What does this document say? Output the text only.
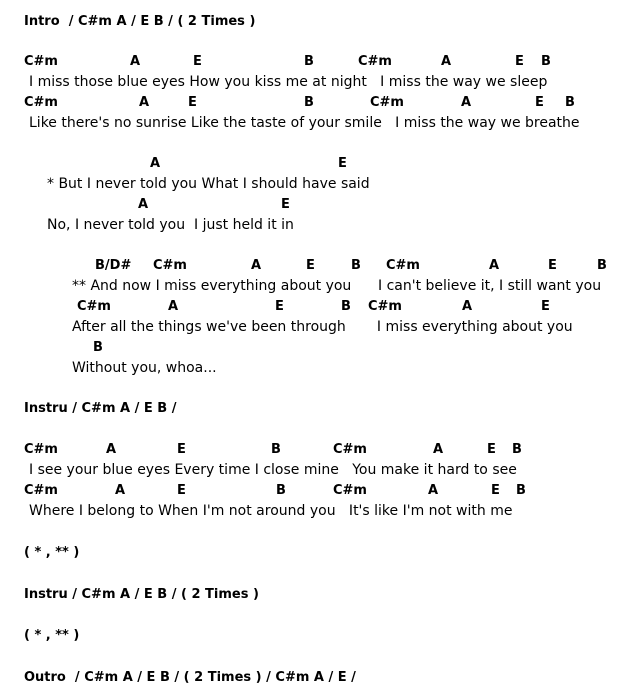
Intro  / C#m A / E B / ( 2 Times )
C#m	A	E	B	C#m	A	E B
I miss those blue eyes How you kiss me at night   I miss the way we sleep
C#m	A	E	B	C#m	A	E B
Like there's no sunrise Like the taste of your smile   I miss the way we breathe
A	E
* But I never told you What I should have said
A	E
No, I never told you  I just held it in
B/D# C#m	A	E	B C#m	A	E	B
** And now I miss everything about you      I can't believe it, I still want you
C#m	A	E	B C#m	A	E
After all the things we've been through       I miss everything about you
B
Without you, whoa...
Instru / C#m A / E B /
C#m	A	E	B	C#m	A	E B
I see your blue eyes Every time I close mine   You make it hard to see
C#m	A	E	B	C#m	A	E B
Where I belong to When I'm not around you   It's like I'm not with me
( * , ** )
Instru / C#m A / E B / ( 2 Times )
( * , ** )
Outro  / C#m A / E B / ( 2 Times ) / C#m A / E /
